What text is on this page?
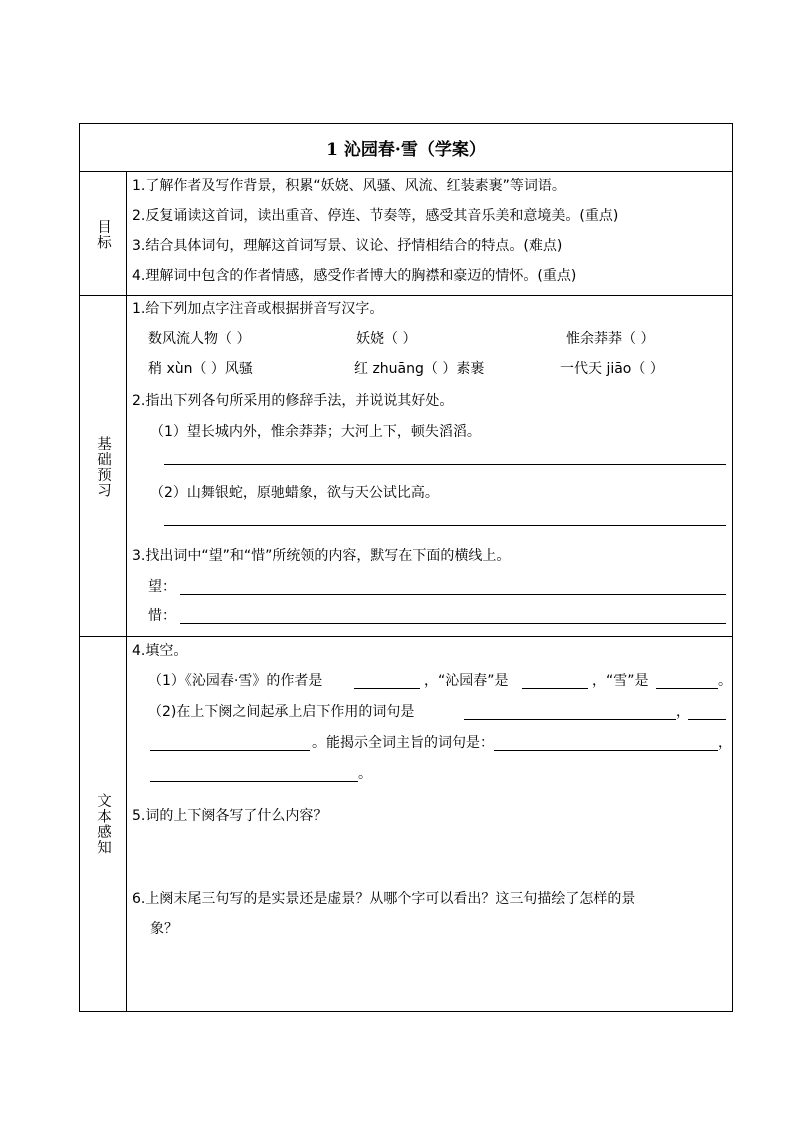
1 沁园春·雪（学案）
目标
1.了解作者及写作背景，积累“妖娆、风骚、风流、红装素裹”等词语。
2.反复诵读这首词，读出重音、停连、节奏等，感受其音乐美和意境美。(重点)
3.结合具体词句，理解这首词写景、议论、抒情相结合的特点。(难点)
4.理解词中包含的作者情感，感受作者博大的胸襟和豪迈的情怀。(重点)
基础预习
1.给下列加点字注音或根据拼音写汉字。
数风流人物（ ）	妖娆（ ）	惟余莽莽（ ）
稍 xùn（ ）风骚	红 zhuāng（ ）素裹	一代天 jiāo（ ）
2.指出下列各句所采用的修辞手法，并说说其好处。
（1）望长城内外，惟余莽莽；大河上下，顿失滔滔。
（2）山舞银蛇，原驰蜡象，欲与天公试比高。
3.找出词中“望”和“惜”所统领的内容，默写在下面的横线上。
望：
惜：
文本感知
4.填空。
（1）《沁园春·雪》的作者是	，“沁园春”是	，“雪”是	。
（2)在上下阕之间起承上启下作用的词句是	，
。能揭示全词主旨的词句是：	，
。
5.词的上下阕各写了什么内容？
6.上阕末尾三句写的是实景还是虚景？从哪个字可以看出？这三句描绘了怎样的景
象？
